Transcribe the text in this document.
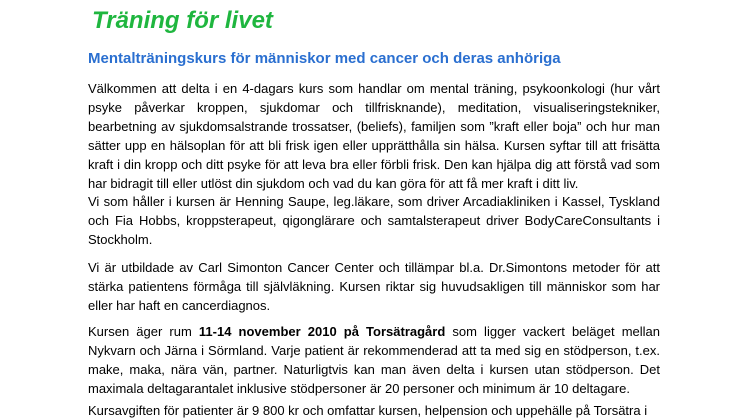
Träning för livet
Mentalträningskurs för människor med cancer och deras anhöriga

Välkommen att delta i en 4-dagars kurs som handlar om mental träning, psykoonkologi (hur vårt psyke påverkar kroppen, sjukdomar och tillfrisknande), meditation, visualiseringstekniker, bearbetning av sjukdomsalstrande trossatser, (beliefs), familjen som ”kraft eller boja” och hur man sätter upp en hälsoplan för att bli frisk igen eller upprätthålla sin hälsa. Kursen syftar till att frisätta kraft i din kropp och ditt psyke för att leva bra eller förbli frisk. Den kan hjälpa dig att förstå vad som har bidragit till eller utlöst din sjukdom och vad du kan göra för att få mer kraft i ditt liv.

Vi som håller i kursen är Henning Saupe, leg.läkare, som driver Arcadiakliniken i Kassel, Tyskland och Fia Hobbs, kroppsterapeut, qigonglärare och samtalsterapeut driver BodyCareConsultants i Stockholm.

Vi är utbildade av Carl Simonton Cancer Center och tillämpar bl.a. Dr.Simontons metoder för att stärka patientens förmåga till självläkning. Kursen riktar sig huvudsakligen till människor som har eller har haft en cancerdiagnos.

Kursen äger rum 11-14 november 2010 på Torsätragård som ligger vackert beläget mellan Nykvarn och Järna i Sörmland. Varje patient är rekommenderad att ta med sig en stödperson, t.ex. make, maka, nära vän, partner. Naturligtvis kan man även delta i kursen utan stödperson. Det maximala deltagarantalet inklusive stödpersoner är 20 personer och minimum är 10 deltagare.

Kursavgiften för patienter är 9 800 kr och omfattar kursen, helpension och uppehälle på Torsätra i
